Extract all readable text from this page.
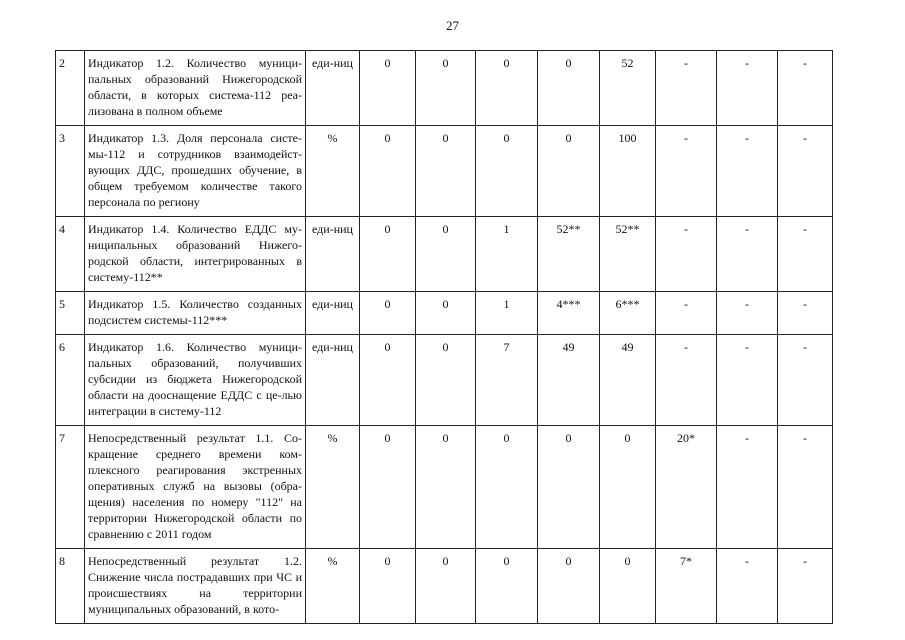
27
2	Индикатор 1.2. Количество муници-пальных образований Нижегородской области, в которых система-112 реа-лизована в полном объеме	еди-ниц	0	0	0	0	52	-	-	-
3	Индикатор 1.3. Доля персонала систе-мы-112 и сотрудников взаимодейст-вующих ДДС, прошедших обучение, в общем требуемом количестве такого персонала по региону	%	0	0	0	0	100	-	-	-
4	Индикатор 1.4. Количество ЕДДС му-ниципальных образований Нижего-родской области, интегрированных в систему-112**	еди-ниц	0	0	1	52**	52**	-	-	-
5	Индикатор 1.5. Количество созданных подсистем системы-112***	еди-ниц	0	0	1	4***	6***	-	-	-
6	Индикатор 1.6. Количество муници-пальных образований, получивших субсидии из бюджета Нижегородской области на дооснащение ЕДДС с це-лью интеграции в систему-112	еди-ниц	0	0	7	49	49	-	-	-
7	Непосредственный результат 1.1. Со-кращение среднего времени ком-плексного реагирования экстренных оперативных служб на вызовы (обра-щения) населения по номеру "112" на территории Нижегородской области по сравнению с 2011 годом	%	0	0	0	0	0	20*	-	-
8	Непосредственный результат 1.2. Снижение числа пострадавших при ЧС и происшествиях на территории муниципальных образований, в кото-	%	0	0	0	0	0	7*	-	-
